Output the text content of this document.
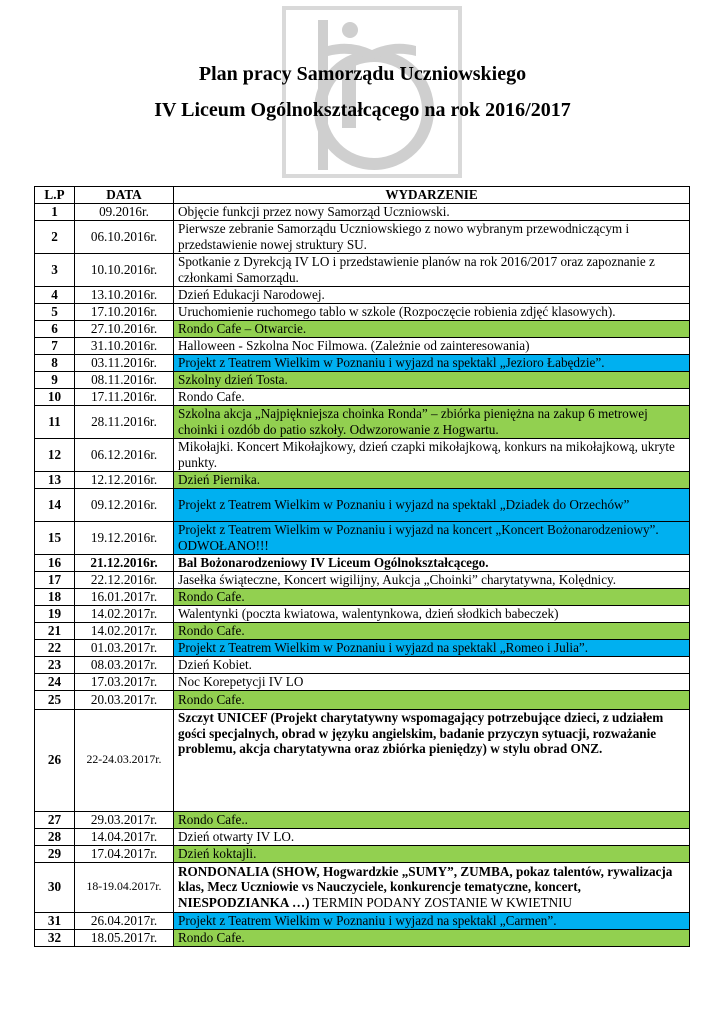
Plan pracy Samorządu Uczniowskiego
IV Liceum Ogólnokształcącego na rok 2016/2017
L.P	DATA	WYDARZENIE
1	09.2016r.	Objęcie funkcji przez nowy Samorząd Uczniowski.
2	06.10.2016r.	Pierwsze zebranie Samorządu Uczniowskiego z nowo wybranym przewodniczącym i przedstawienie nowej struktury SU.
3	10.10.2016r.	Spotkanie z Dyrekcją IV LO i przedstawienie planów na rok 2016/2017 oraz zapoznanie z członkami Samorządu.
4	13.10.2016r.	Dzień Edukacji Narodowej.
5	17.10.2016r.	Uruchomienie ruchomego tablo w szkole (Rozpoczęcie robienia zdjęć klasowych).
6	27.10.2016r.	Rondo Cafe – Otwarcie.
7	31.10.2016r.	Halloween - Szkolna Noc Filmowa. (Zależnie od zainteresowania)
8	03.11.2016r.	Projekt z Teatrem Wielkim w Poznaniu i wyjazd na spektakl „Jezioro Łabędzie”.
9	08.11.2016r.	Szkolny dzień Tosta.
10	17.11.2016r.	Rondo Cafe.
11	28.11.2016r.	Szkolna akcja „Najpiękniejsza choinka Ronda” – zbiórka pieniężna na zakup 6 metrowej choinki i ozdób do patio szkoły. Odwzorowanie z Hogwartu.
12	06.12.2016r.	Mikołajki. Koncert Mikołajkowy, dzień czapki mikołajkową, konkurs na mikołajkową, ukryte punkty.
13	12.12.2016r.	Dzień Piernika.
14	09.12.2016r.	Projekt z Teatrem Wielkim w Poznaniu i wyjazd na spektakl „Dziadek do Orzechów”
15	19.12.2016r.	Projekt z Teatrem Wielkim w Poznaniu i wyjazd na koncert „Koncert Bożonarodzeniowy”. ODWOŁANO!!!
16	21.12.2016r.	Bal Bożonarodzeniowy IV Liceum Ogólnokształcącego.
17	22.12.2016r.	Jasełka świąteczne, Koncert wigilijny, Aukcja „Choinki” charytatywna, Kolędnicy.
18	16.01.2017r.	Rondo Cafe.
19	14.02.2017r.	Walentynki (poczta kwiatowa, walentynkowa, dzień słodkich babeczek)
21	14.02.2017r.	Rondo Cafe.
22	01.03.2017r.	Projekt z Teatrem Wielkim w Poznaniu i wyjazd na spektakl „Romeo i Julia”.
23	08.03.2017r.	Dzień Kobiet.
24	17.03.2017r.	Noc Korepetycji IV LO
25	20.03.2017r.	Rondo Cafe.
26	22-24.03.2017r.	Szczyt UNICEF (Projekt charytatywny wspomagający potrzebujące dzieci, z udziałem gości specjalnych, obrad w języku angielskim, badanie przyczyn sytuacji, rozważanie problemu, akcja charytatywna oraz zbiórka pieniędzy) w stylu obrad ONZ.
27	29.03.2017r.	Rondo Cafe..
28	14.04.2017r.	Dzień otwarty IV LO.
29	17.04.2017r.	Dzień koktajli.
30	18-19.04.2017r.	RONDONALIA (SHOW, Hogwardzkie „SUMY”, ZUMBA, pokaz talentów, rywalizacja klas, Mecz Uczniowie vs Nauczyciele, konkurencje tematyczne, koncert, NIESPODZIANKA …) TERMIN PODANY ZOSTANIE W KWIETNIU
31	26.04.2017r.	Projekt z Teatrem Wielkim w Poznaniu i wyjazd na spektakl „Carmen”.
32	18.05.2017r.	Rondo Cafe.
